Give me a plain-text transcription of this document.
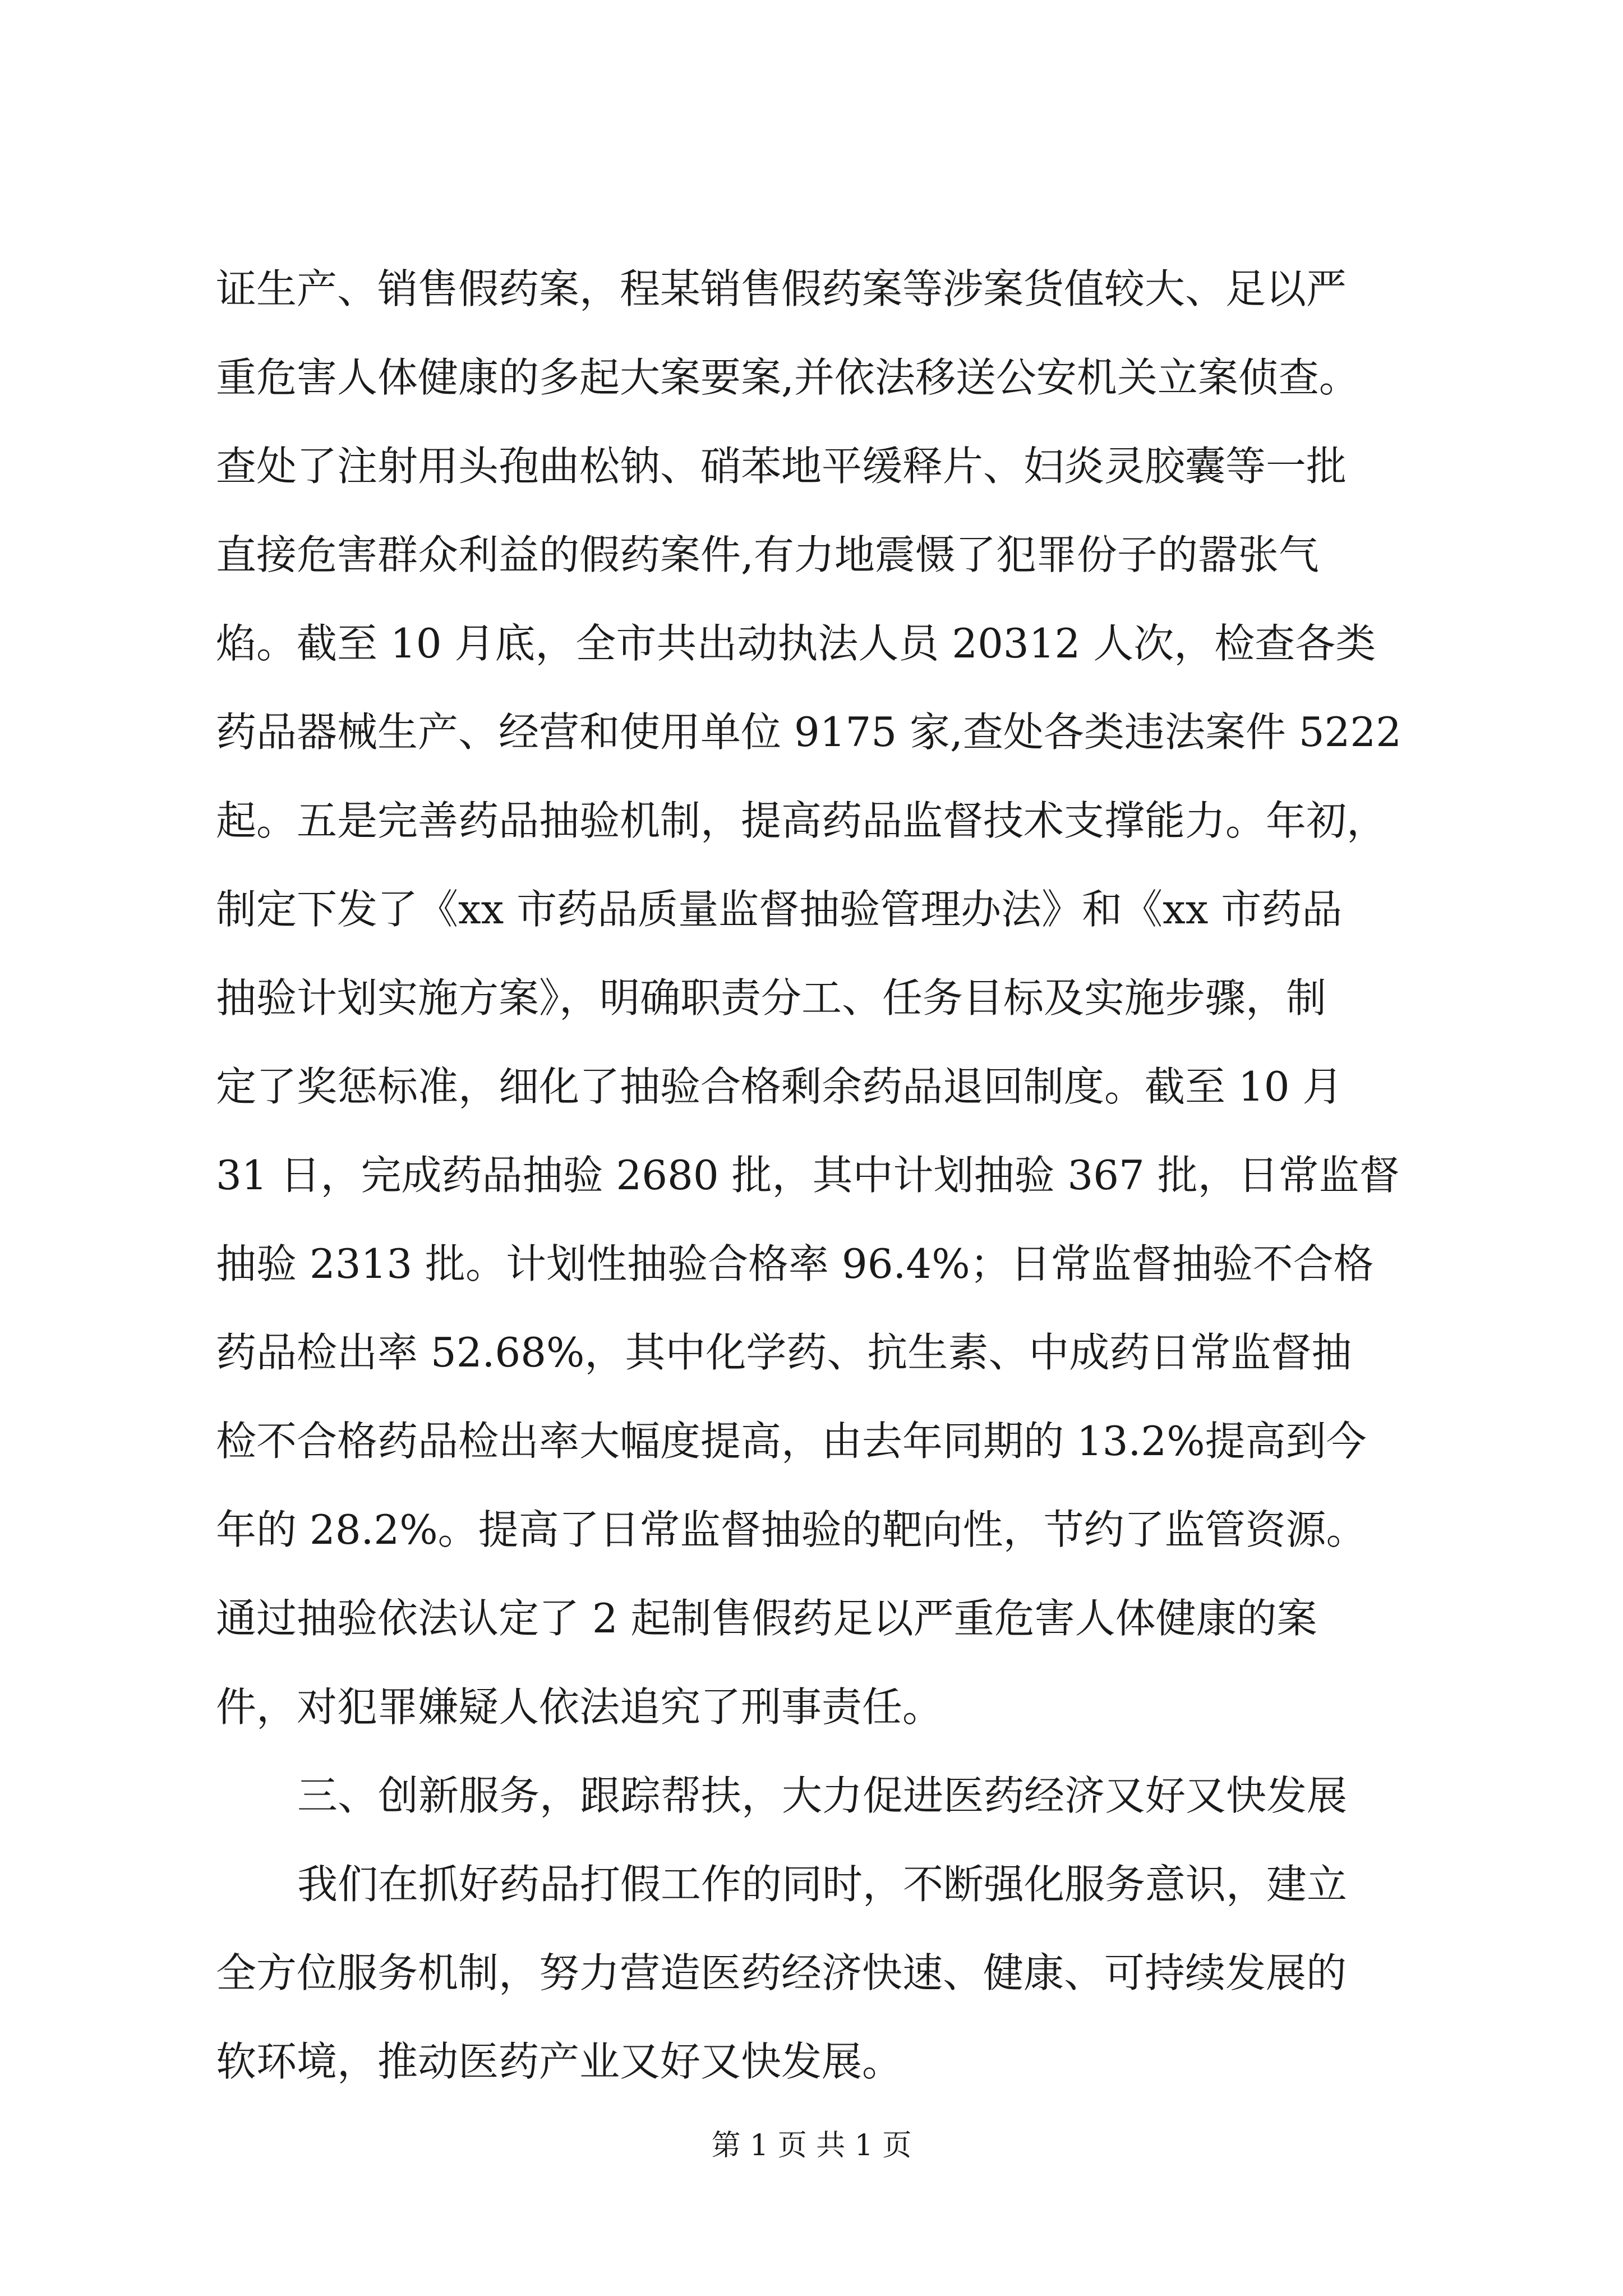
证生产、销售假药案，程某销售假药案等涉案货值较大、足以严

重危害人体健康的多起大案要案,并依法移送公安机关立案侦查。

查处了注射用头孢曲松钠、硝苯地平缓释片、妇炎灵胶囊等一批

直接危害群众利益的假药案件,有力地震慑了犯罪份子的嚣张气

焰。截至 10 月底，全市共出动执法人员 20312 人次，检查各类

药品器械生产、经营和使用单位 9175 家,查处各类违法案件 5222

起。五是完善药品抽验机制，提高药品监督技术支撑能力。年初，

制定下发了《xx 市药品质量监督抽验管理办法》和《xx 市药品

抽验计划实施方案》，明确职责分工、任务目标及实施步骤，制

定了奖惩标准，细化了抽验合格剩余药品退回制度。截至 10 月

31 日，完成药品抽验 2680 批，其中计划抽验 367 批，日常监督

抽验 2313 批。计划性抽验合格率 96.4%；日常监督抽验不合格

药品检出率 52.68%，其中化学药、抗生素、中成药日常监督抽

检不合格药品检出率大幅度提高，由去年同期的 13.2%提高到今

年的 28.2%。提高了日常监督抽验的靶向性，节约了监管资源。

通过抽验依法认定了 2 起制售假药足以严重危害人体健康的案

件，对犯罪嫌疑人依法追究了刑事责任。

三、创新服务，跟踪帮扶，大力促进医药经济又好又快发展

我们在抓好药品打假工作的同时，不断强化服务意识，建立

全方位服务机制，努力营造医药经济快速、健康、可持续发展的

软环境，推动医药产业又好又快发展。

第 1 页 共 1 页
